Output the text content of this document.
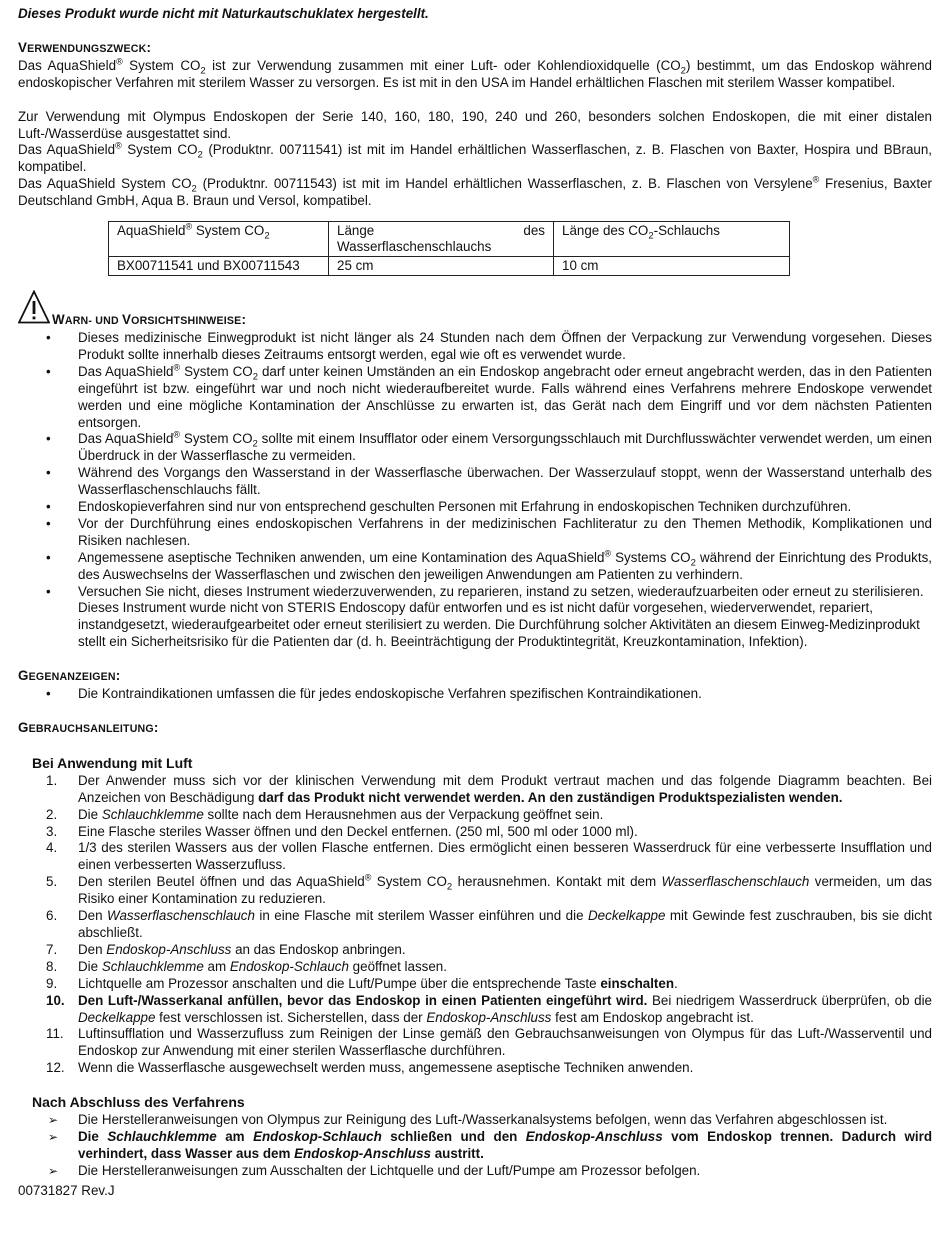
Dieses Produkt wurde nicht mit Naturkautschuklatex hergestellt.

VERWENDUNGSZWECK:

Das AquaShield® System $CO_2$ ist zur Verwendung zusammen mit einer Luft- oder Kohlendioxidquelle $(CO_2)$ bestimmt, um das Endoskop während endoskopischer Verfahren mit sterilem Wasser zu versorgen. Es ist mit in den USA im Handel erhältlichen Flaschen mit sterilem Wasser kompatibel.

Zur Verwendung mit Olympus Endoskopen der Serie 140, 160, 180, 190, 240 und 260, besonders solchen Endoskopen, die mit einer distalen Luft-/Wasserdüse ausgestattet sind.

Das AquaShield® System $CO_2$ (Produktnr. 00711541) ist mit im Handel erhältlichen Wasserflaschen, z. B. Flaschen von Baxter, Hospira und BBraun, kompatibel.

Das AquaShield System $CO_2$ (Produktnr. 00711543) ist mit im Handel erhältlichen Wasserflaschen, z. B. Flaschen von Versylene® Fresenius, Baxter Deutschland GmbH, Aqua B. Braun und Versol, kompatibel.

AquaShield® System $CO_2$	Länge des Wasserflaschenschlauchs	Länge des $CO_2$-Schlauchs
BX00711541 und BX00711543	25 cm	10 cm

WARN- UND VORSICHTSHINWEISE:

• Dieses medizinische Einwegprodukt ist nicht länger als 24 Stunden nach dem Öffnen der Verpackung zur Verwendung vorgesehen. Dieses Produkt sollte innerhalb dieses Zeitraums entsorgt werden, egal wie oft es verwendet wurde.
• Das AquaShield® System $CO_2$ darf unter keinen Umständen an ein Endoskop angebracht oder erneut angebracht werden, das in den Patienten eingeführt ist bzw. eingeführt war und noch nicht wiederaufbereitet wurde. Falls während eines Verfahrens mehrere Endoskope verwendet werden und eine mögliche Kontamination der Anschlüsse zu erwarten ist, das Gerät nach dem Eingriff und vor dem nächsten Patienten entsorgen.
• Das AquaShield® System $CO_2$ sollte mit einem Insufflator oder einem Versorgungsschlauch mit Durchflusswächter verwendet werden, um einen Überdruck in der Wasserflasche zu vermeiden.
• Während des Vorgangs den Wasserstand in der Wasserflasche überwachen. Der Wasserzulauf stoppt, wenn der Wasserstand unterhalb des Wasserflaschenschlauchs fällt.
• Endoskopieverfahren sind nur von entsprechend geschulten Personen mit Erfahrung in endoskopischen Techniken durchzuführen.
• Vor der Durchführung eines endoskopischen Verfahrens in der medizinischen Fachliteratur zu den Themen Methodik, Komplikationen und Risiken nachlesen.
• Angemessene aseptische Techniken anwenden, um eine Kontamination des AquaShield® Systems $CO_2$ während der Einrichtung des Produkts, des Auswechselns der Wasserflaschen und zwischen den jeweiligen Anwendungen am Patienten zu verhindern.
• Versuchen Sie nicht, dieses Instrument wiederzuverwenden, zu reparieren, instand zu setzen, wiederaufzuarbeiten oder erneut zu sterilisieren. Dieses Instrument wurde nicht von STERIS Endoscopy dafür entworfen und es ist nicht dafür vorgesehen, wiederverwendet, repariert, instandgesetzt, wiederaufgearbeitet oder erneut sterilisiert zu werden. Die Durchführung solcher Aktivitäten an diesem Einweg-Medizinprodukt stellt ein Sicherheitsrisiko für die Patienten dar (d. h. Beeinträchtigung der Produktintegrität, Kreuzkontamination, Infektion).

GEGENANZEIGEN:

• Die Kontraindikationen umfassen die für jedes endoskopische Verfahren spezifischen Kontraindikationen.

GEBRAUCHSANLEITUNG:

Bei Anwendung mit Luft

1.	Der Anwender muss sich vor der klinischen Verwendung mit dem Produkt vertraut machen und das folgende Diagramm beachten. Bei Anzeichen von Beschädigung darf das Produkt nicht verwendet werden. An den zuständigen Produktspezialisten wenden.
2.	Die Schlauchklemme sollte nach dem Herausnehmen aus der Verpackung geöffnet sein.
3.	Eine Flasche steriles Wasser öffnen und den Deckel entfernen. (250 ml, 500 ml oder 1000 ml).
4.	1/3 des sterilen Wassers aus der vollen Flasche entfernen. Dies ermöglicht einen besseren Wasserdruck für eine verbesserte Insufflation und einen verbesserten Wasserzufluss.
5.	Den sterilen Beutel öffnen und das AquaShield® System $CO_2$ herausnehmen. Kontakt mit dem Wasserflaschenschlauch vermeiden, um das Risiko einer Kontamination zu reduzieren.
6.	Den Wasserflaschenschlauch in eine Flasche mit sterilem Wasser einführen und die Deckelkappe mit Gewinde fest zuschrauben, bis sie dicht abschließt.
7.	Den Endoskop-Anschluss an das Endoskop anbringen.
8.	Die Schlauchklemme am Endoskop-Schlauch geöffnet lassen.
9.	Lichtquelle am Prozessor anschalten und die Luft/Pumpe über die entsprechende Taste einschalten.
10. Den Luft-/Wasserkanal anfüllen, bevor das Endoskop in einen Patienten eingeführt wird. Bei niedrigem Wasserdruck überprüfen, ob die Deckelkappe fest verschlossen ist. Sicherstellen, dass der Endoskop-Anschluss fest am Endoskop angebracht ist.
11.	Luftinsufflation und Wasserzufluss zum Reinigen der Linse gemäß den Gebrauchsanweisungen von Olympus für das Luft-/Wasserventil und Endoskop zur Anwendung mit einer sterilen Wasserflasche durchführen.
12. Wenn die Wasserflasche ausgewechselt werden muss, angemessene aseptische Techniken anwenden.

Nach Abschluss des Verfahrens

➢ Die Herstelleranweisungen von Olympus zur Reinigung des Luft-/Wasserkanalsystems befolgen, wenn das Verfahren abgeschlossen ist.
➢ Die Schlauchklemme am Endoskop-Schlauch schließen und den Endoskop-Anschluss vom Endoskop trennen. Dadurch wird verhindert, dass Wasser aus dem Endoskop-Anschluss austritt.
➢ Die Herstelleranweisungen zum Ausschalten der Lichtquelle und der Luft/Pumpe am Prozessor befolgen.

00731827 Rev.J
